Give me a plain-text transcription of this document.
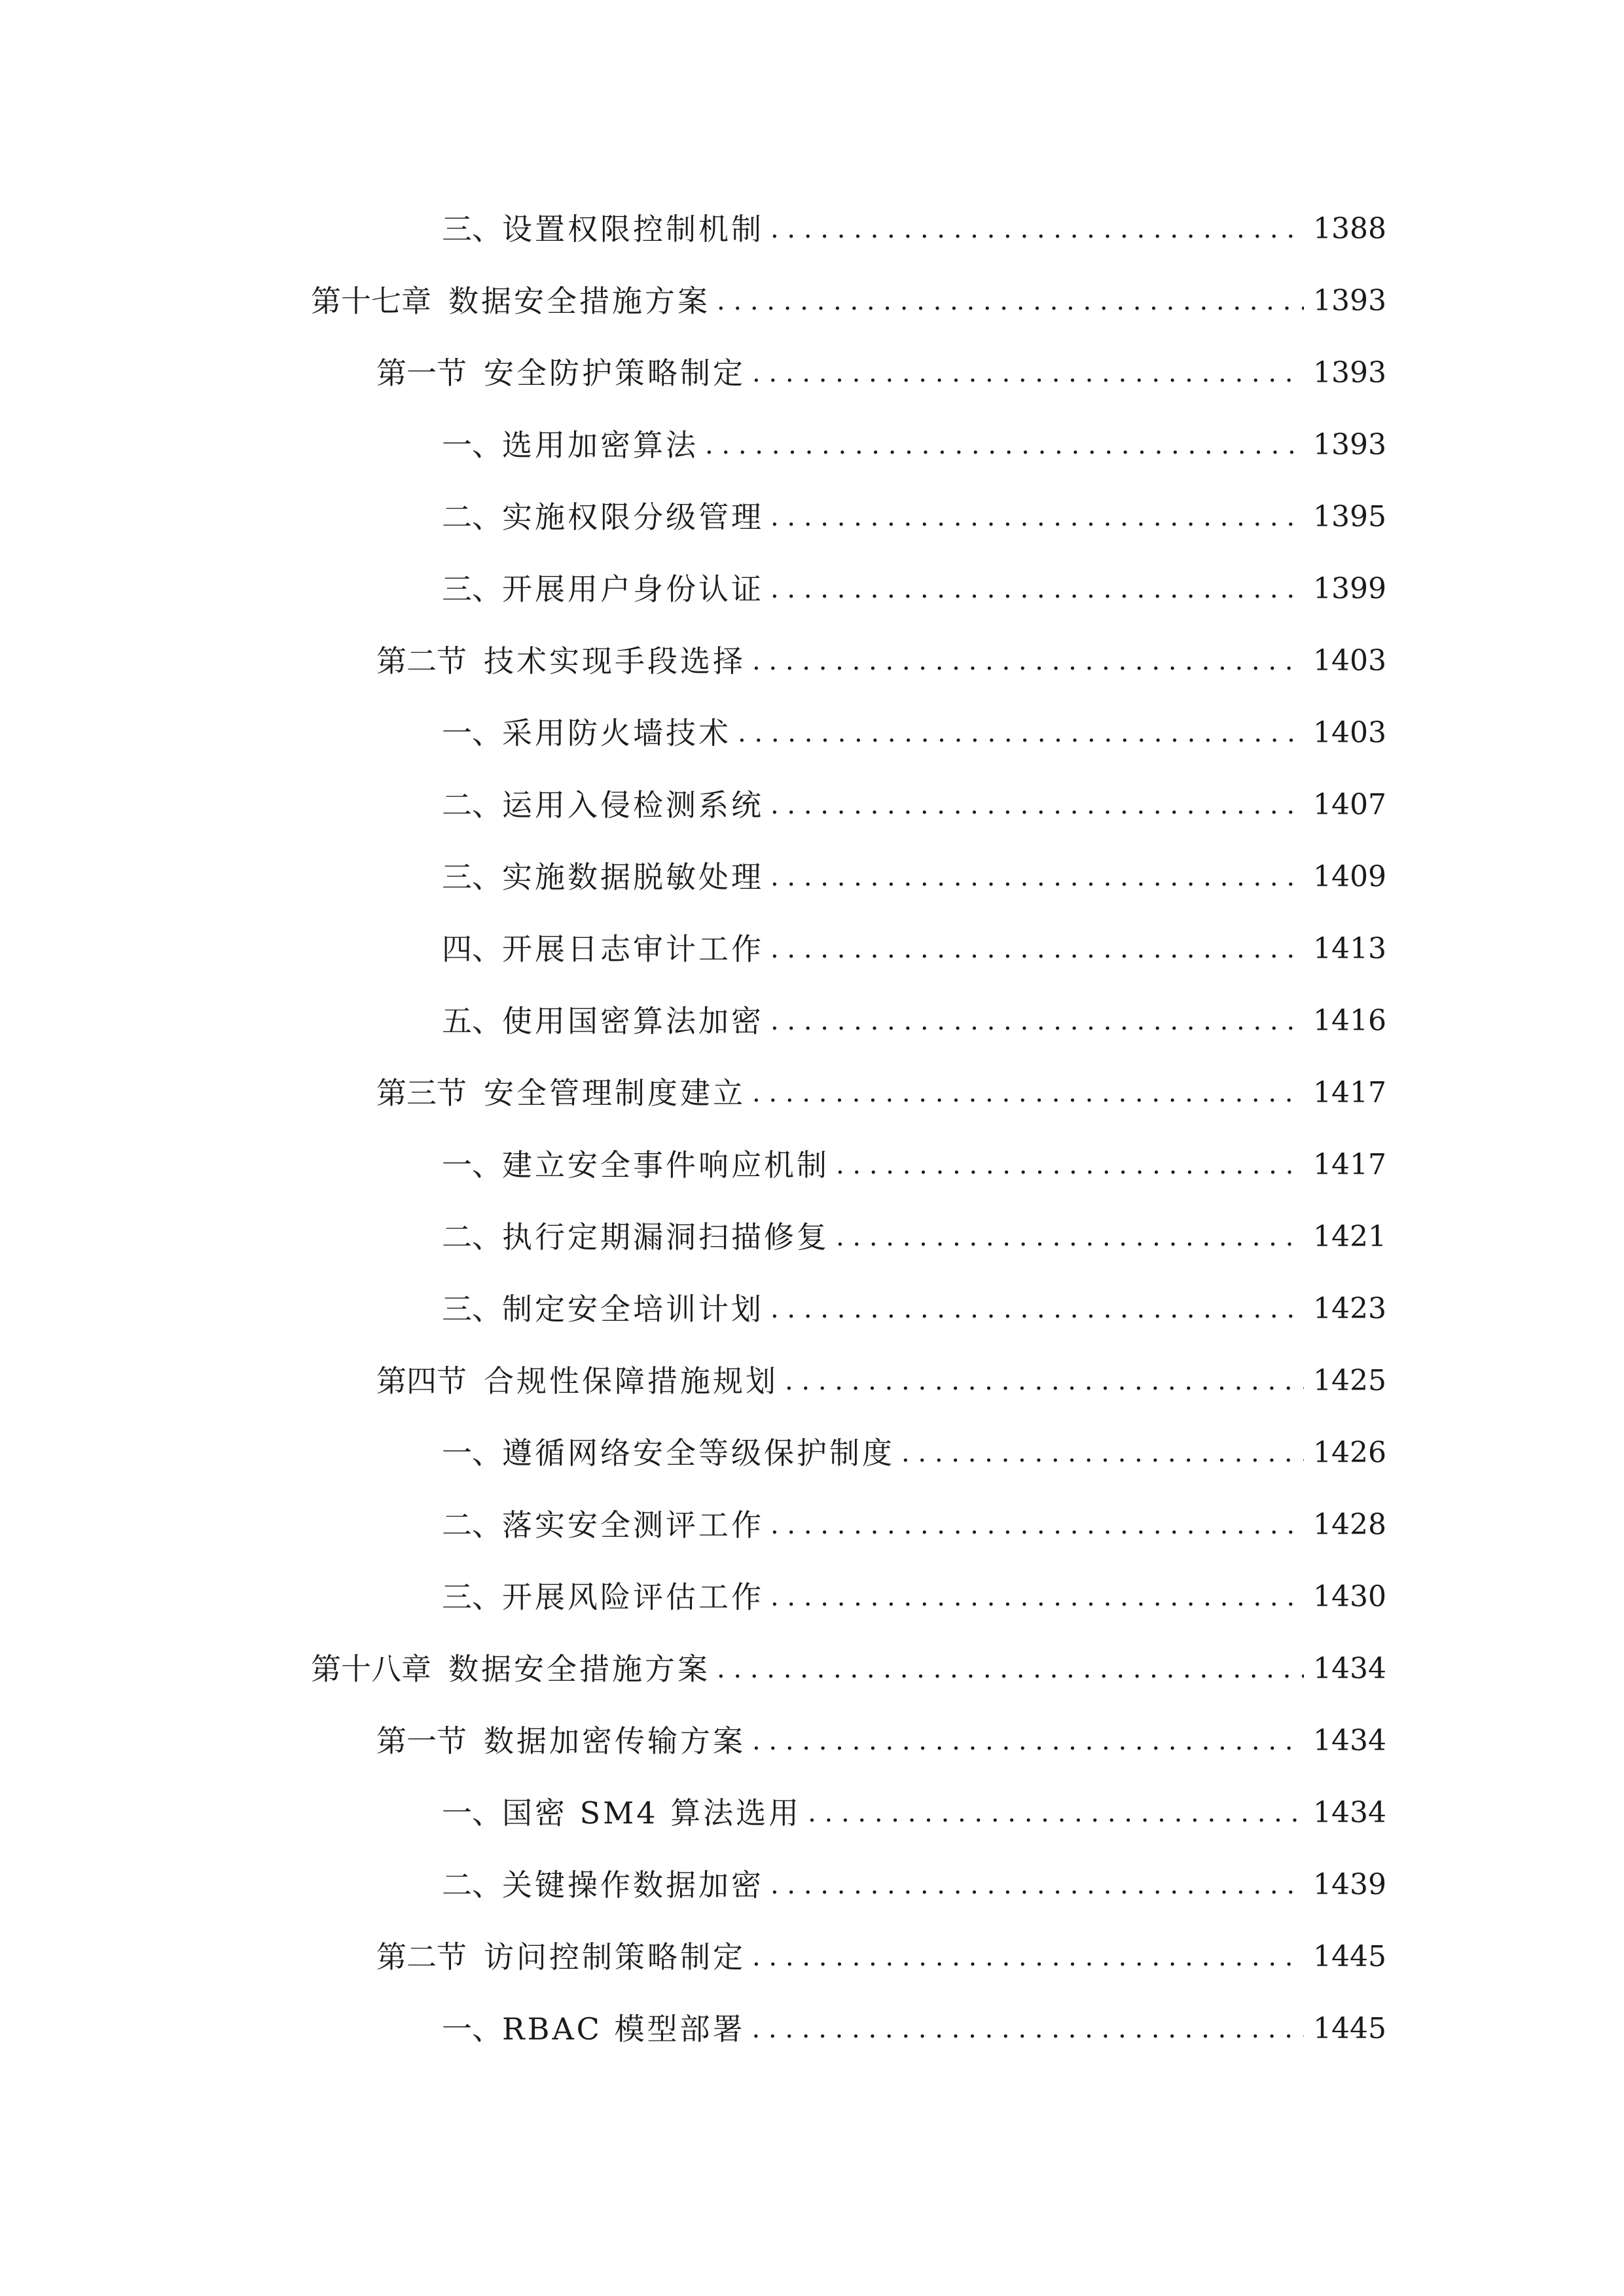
三、 设置权限控制机制 . . .	1388
第十七章 数据安全措施方案 . . .	1393
第一节 安全防护策略制定 . . .	1393
一、 选用加密算法 . . .	1393
二、 实施权限分级管理 . . .	1395
三、 开展用户身份认证 . . .	1399
第二节 技术实现手段选择 . . .	1403
一、 采用防火墙技术 . . .	1403
二、 运用入侵检测系统 . . .	1407
三、 实施数据脱敏处理 . . .	1409
四、 开展日志审计工作 . . .	1413
五、 使用国密算法加密 . . .	1416
第三节 安全管理制度建立 . . .	1417
一、 建立安全事件响应机制 . . .	1417
二、 执行定期漏洞扫描修复 . . .	1421
三、 制定安全培训计划 . . .	1423
第四节 合规性保障措施规划 . . .	1425
一、 遵循网络安全等级保护制度 . . .	1426
二、 落实安全测评工作 . . .	1428
三、 开展风险评估工作 . . .	1430
第十八章 数据安全措施方案 . . .	1434
第一节 数据加密传输方案 . . .	1434
一、 国密 SM4 算法选用 . . .	1434
二、 关键操作数据加密 . . .	1439
第二节 访问控制策略制定 . . .	1445
一、 RBAC 模型部署 . . .	1445
